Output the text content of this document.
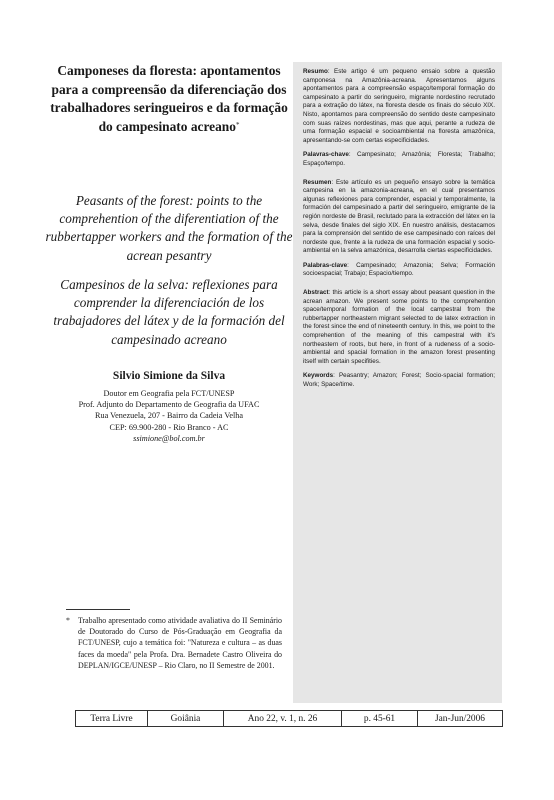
Camponeses da floresta: apontamentos para a compreensão da diferenciação dos trabalhadores seringueiros e da formação do campesinato acreano*

Peasants of the forest: points to the comprehention of the diferentiation of the rubbertapper workers and the formation of the acrean pesantry

Campesinos de la selva: reflexiones para comprender la diferenciación de los trabajadores del látex y de la formación del campesinado acreano

Silvio Simione da Silva

Doutor em Geografia pela FCT/UNESP

Prof. Adjunto do Departamento de Geografia da UFAC

Rua Venezuela, 207 - Bairro da Cadeia Velha

CEP: 69.900-280 - Rio Branco - AC

ssimione@bol.com.br

*	Trabalho apresentado como atividade avaliativa do II Seminário de Doutorado do Curso de Pós-Graduação em Geografia da FCT/UNESP, cujo a temática foi: "Natureza e cultura – as duas faces da moeda" pela Profa. Dra. Bernadete Castro Oliveira do DEPLAN/IGCE/UNESP – Rio Claro, no II Semestre de 2001.

Resumo: Este artigo é um pequeno ensaio sobre a questão camponesa na Amazônia-acreana. Apresentamos alguns apontamentos para a compreensão espaço/temporal formação do campesinato a partir do seringueiro, migrante nordestino recrutado para a extração do látex, na floresta desde os finais do século XIX. Nisto, apontamos para compreensão do sentido deste campesinato com suas raízes nordestinas, mas que aqui, perante a rudeza de uma formação espacial e socioambiental na floresta amazônica, apresentando-se com certas especificidades.

Palavras-chave: Campesinato; Amazônia; Floresta; Trabalho; Espaço/tempo.

Resumen: Este artículo es un pequeño ensayo sobre la temática campesina en la amazonia-acreana, en el cual presentamos algunas reflexiones para comprender, espacial y temporalmente, la formación del campesinado a partir del seringueiro, emigrante de la región nordeste de Brasil, reclutado para la extracción del látex en la selva, desde finales del siglo XIX. En nuestro análisis, destacamos para la comprensión del sentido de ese campesinado con raíces del nordeste que, frente a la rudeza de una formación espacial y socio-ambiental en la selva amazónica, desarrolla ciertas especificidades.

Palabras-clave: Campesinado; Amazonia; Selva; Formación socioespacial; Trabajo; Espacio/tiempo.

Abstract: this article is a short essay about peasant question in the acrean amazon. We present some points to the comprehention space/temporal formation of the local campestral from the rubbertapper northeastern migrant selected to de latex extraction in the forest since the end of nineteenth century. In this, we point to the comprehention of the meaning of this campestral with it's northeastern of roots, but here, in front of a rudeness of a socio-ambiental and spacial formation in the amazon forest presenting itself with certain specifities.

Keywords: Peasantry; Amazon; Forest; Socio-spacial formation; Work; Space/time.

Terra Livre	Goiânia	Ano 22, v. 1, n. 26	p. 45-61	Jan-Jun/2006
